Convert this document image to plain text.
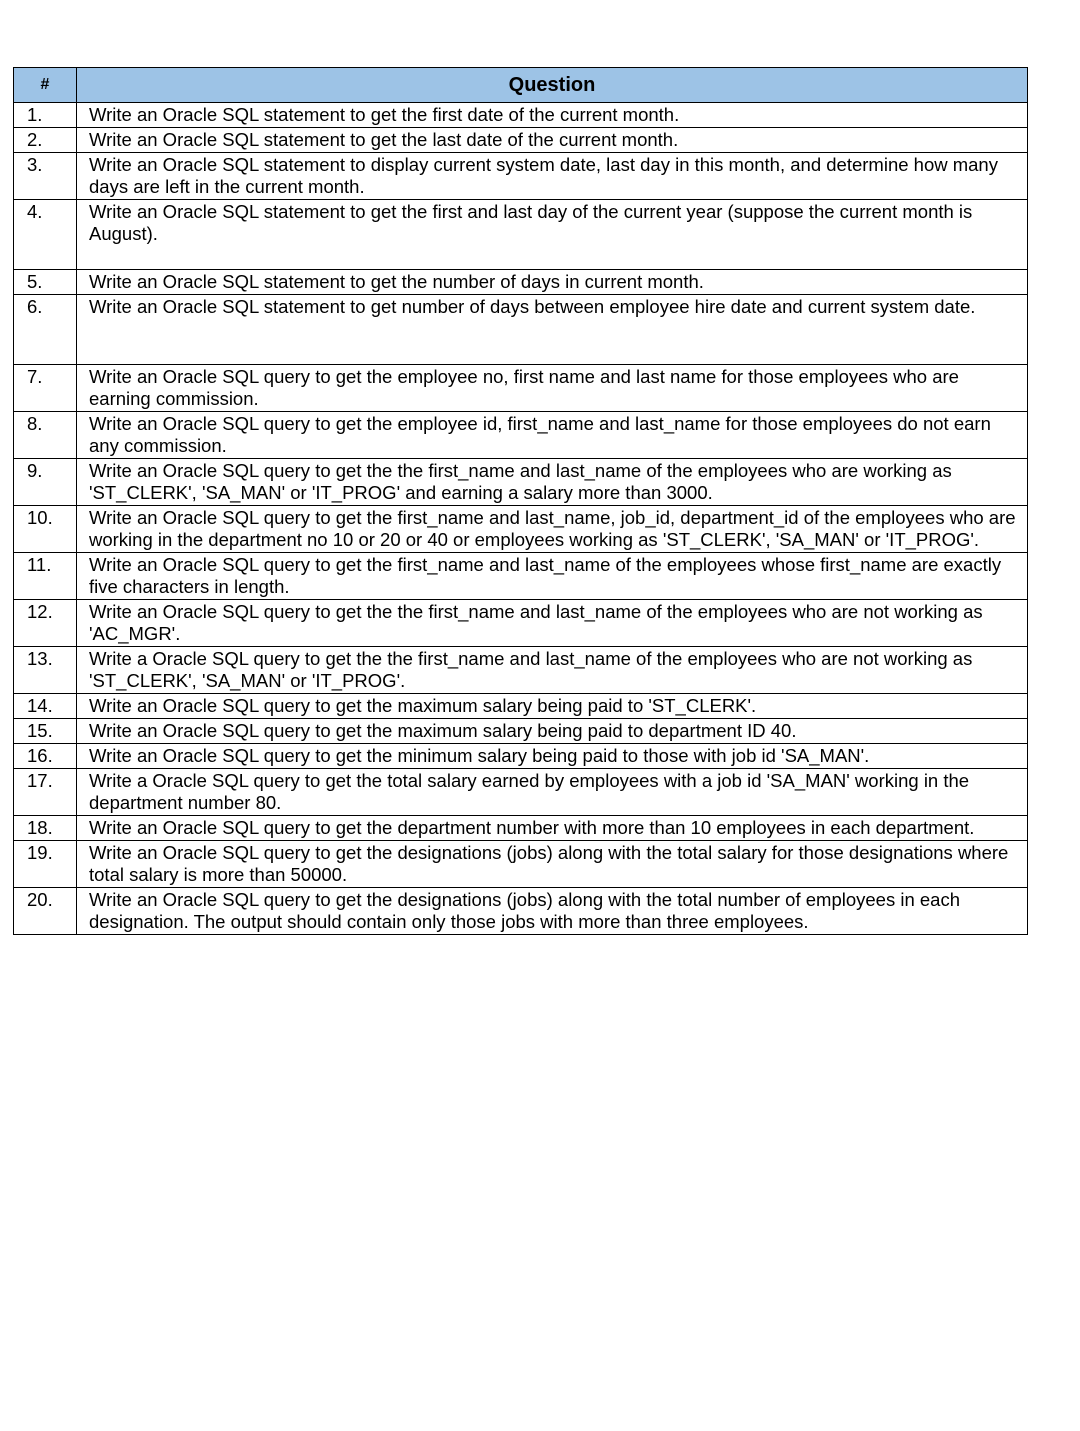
#	Question
1.	Write an Oracle SQL statement to get the first date of the current month.
2.	Write an Oracle SQL statement to get the last date of the current month.
3.	Write an Oracle SQL statement to display current system date, last day in this month, and determine how many days are left in the current month.
4.	Write an Oracle SQL statement to get the first and last day of the current year (suppose the current month is August).
5.	Write an Oracle SQL statement to get the number of days in current month.
6.	Write an Oracle SQL statement to get number of days between employee hire date and current system date.
7.	Write an Oracle SQL query to get the employee no, first name and last name for those employees who are earning commission.
8.	Write an Oracle SQL query to get the employee id, first_name and last_name for those employees do not earn any commission.
9.	Write an Oracle SQL query to get the the first_name and last_name of the employees who are working as 'ST_CLERK', 'SA_MAN' or 'IT_PROG' and earning a salary more than 3000.
10.	Write an Oracle SQL query to get the first_name and last_name, job_id, department_id of the employees who are working in the department no 10 or 20 or 40 or employees working as 'ST_CLERK', 'SA_MAN' or 'IT_PROG'.
11.	Write an Oracle SQL query to get the first_name and last_name of the employees whose first_name are exactly five characters in length.
12.	Write an Oracle SQL query to get the the first_name and last_name of the employees who are not working as 'AC_MGR'.
13.	Write a Oracle SQL query to get the the first_name and last_name of the employees who are not working as 'ST_CLERK', 'SA_MAN' or 'IT_PROG'.
14.	Write an Oracle SQL query to get the maximum salary being paid to 'ST_CLERK'.
15.	Write an Oracle SQL query to get the maximum salary being paid to department ID 40.
16.	Write an Oracle SQL query to get the minimum salary being paid to those with job id 'SA_MAN'.
17.	Write a Oracle SQL query to get the total salary earned by employees with a job id 'SA_MAN' working in the department number 80.
18.	Write an Oracle SQL query to get the department number with more than 10 employees in each department.
19.	Write an Oracle SQL query to get the designations (jobs) along with the total salary for those designations where total salary is more than 50000.
20.	Write an Oracle SQL query to get the designations (jobs) along with the total number of employees in each designation. The output should contain only those jobs with more than three employees.
